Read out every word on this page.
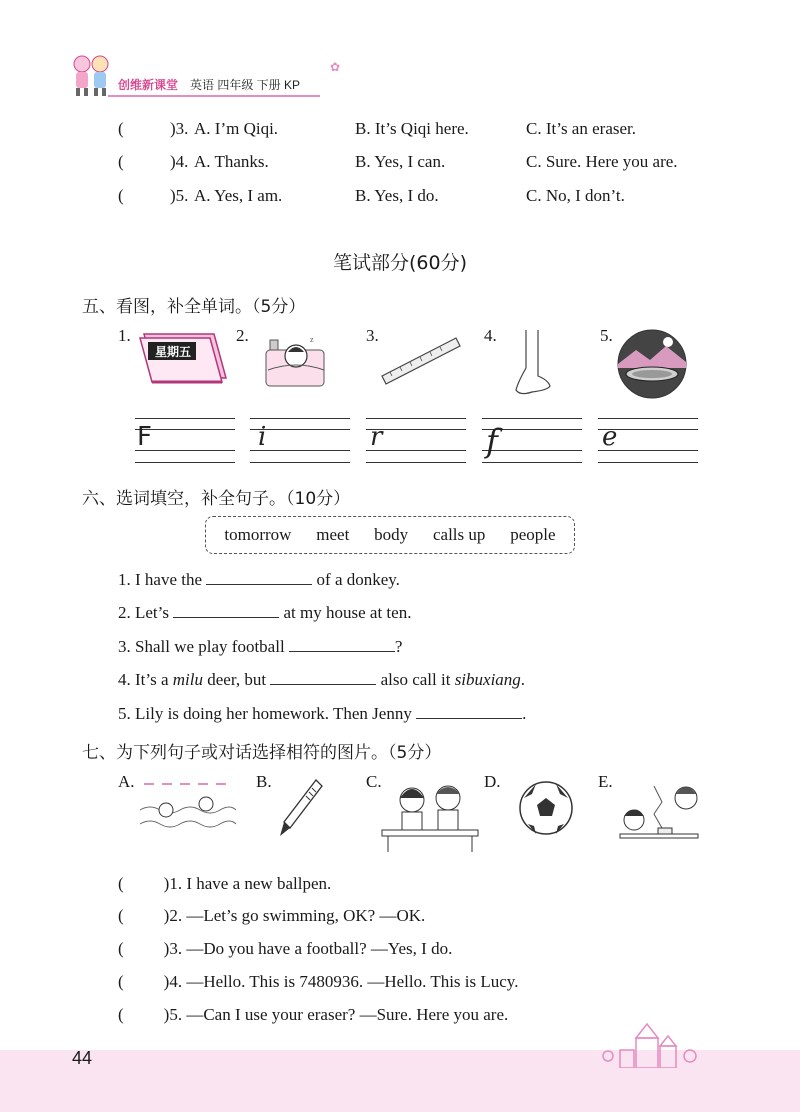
创维新课堂 英语 四年级 下册 KP
✿
(	)3. A. I’m Qiqi.	B. It’s Qiqi here.	C. It’s an eraser.
(	)4. A. Thanks.	B. Yes, I can.	C. Sure. Here you are.
(	)5. A. Yes, I am.	B. Yes, I do.	C. No, I don’t.
笔试部分(60分)
五、看图，补全单词。（5分）
1.	2.	3.	4.	5.
星期五
z
F	i	r	f	e
六、选词填空，补全句子。（10分）
tomorrow meet body calls up people
1. I have the	of a donkey.
2. Let’s	at my house at ten.
3. Shall we play football	?
4. It’s a milu deer, but	also call it sibuxiang.
5. Lily is doing her homework. Then Jenny	.
七、为下列句子或对话选择相符的图片。（5分）
A.	B.	C.	D.	E.
( )1. I have a new ballpen.
( )2. —Let’s go swimming, OK? —OK.
( )3. —Do you have a football? —Yes, I do.
( )4. —Hello. This is 7480936. —Hello. This is Lucy.
( )5. —Can I use your eraser? —Sure. Here you are.
44
